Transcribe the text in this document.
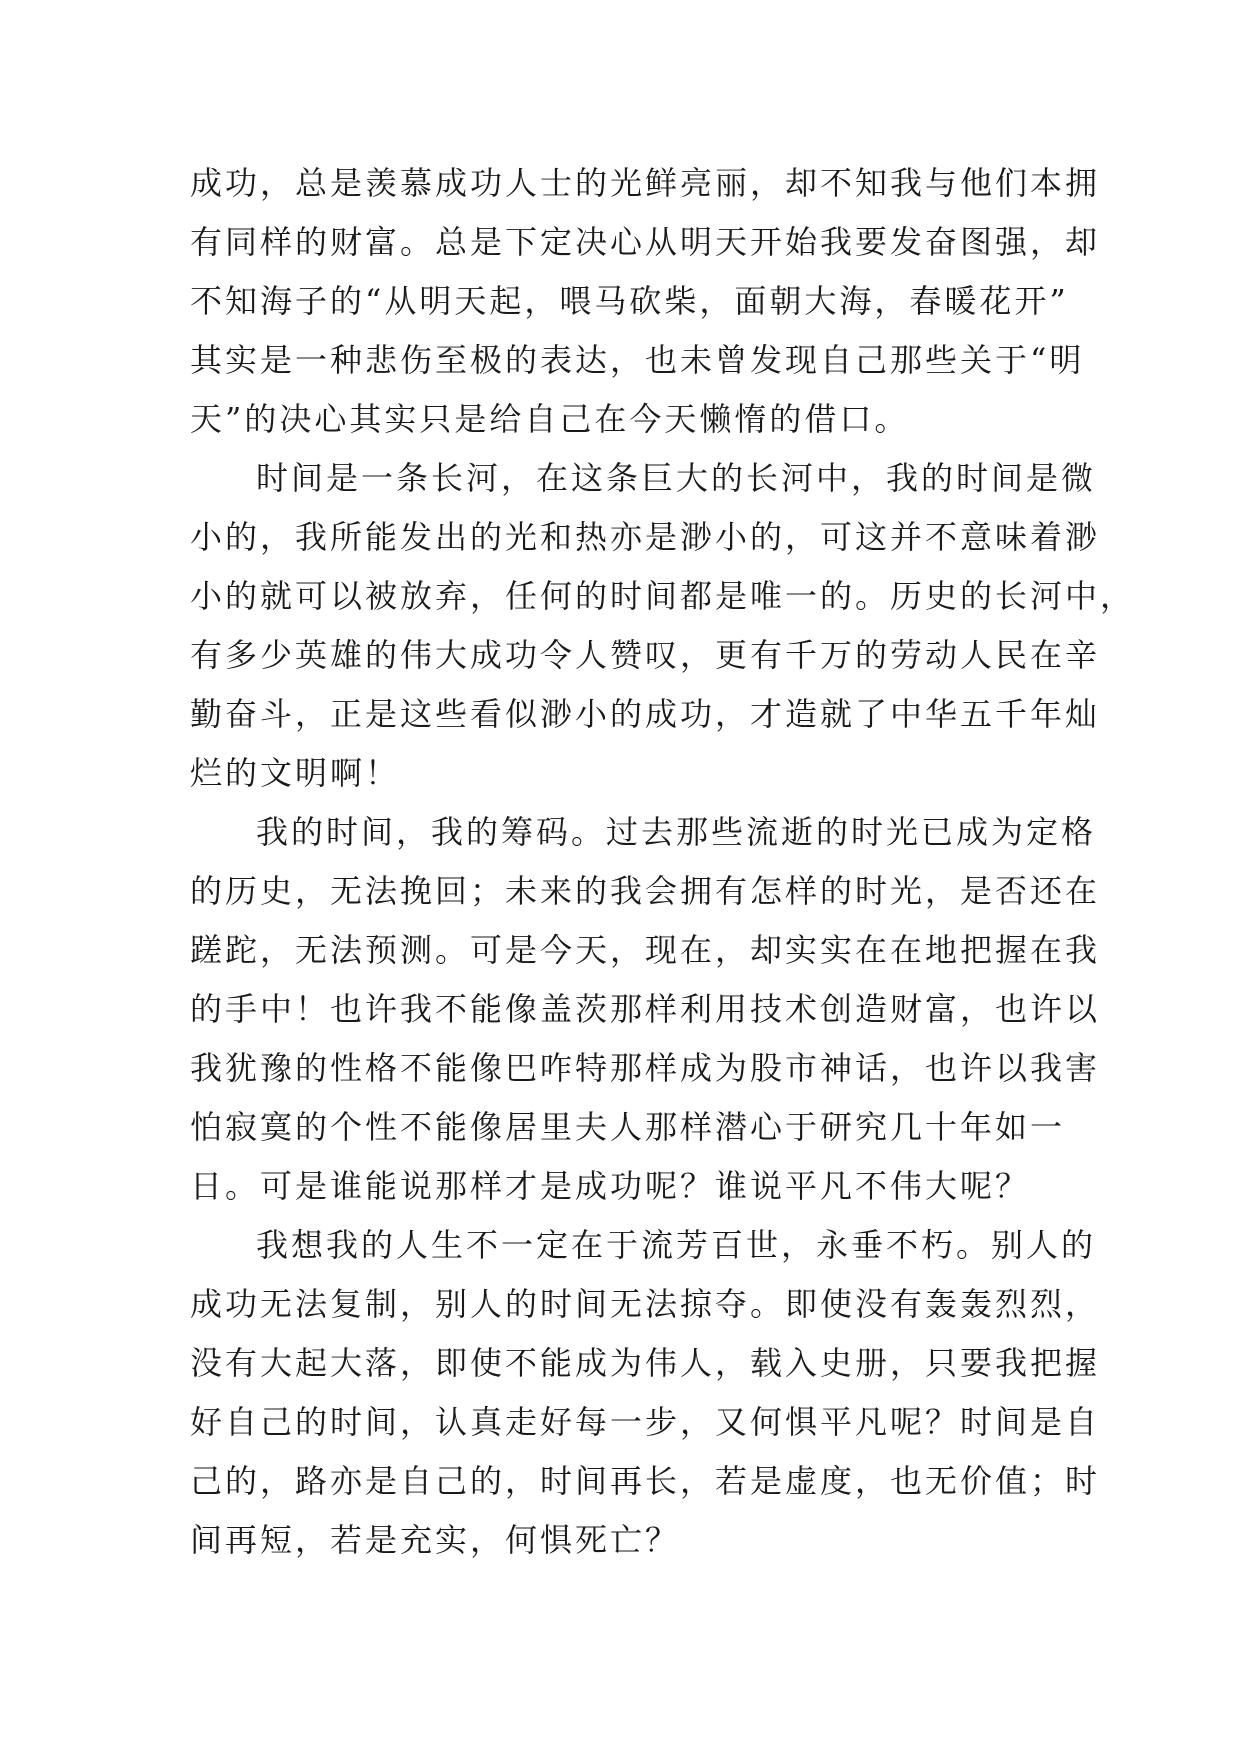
成功，总是羡慕成功人士的光鲜亮丽，却不知我与他们本拥
有同样的财富。总是下定决心从明天开始我要发奋图强，却
不知海子的“从明天起，喂马砍柴，面朝大海，春暖花开”
其实是一种悲伤至极的表达，也未曾发现自己那些关于“明
天”的决心其实只是给自己在今天懒惰的借口。
时间是一条长河，在这条巨大的长河中，我的时间是微
小的，我所能发出的光和热亦是渺小的，可这并不意味着渺
小的就可以被放弃，任何的时间都是唯一的。历史的长河中，
有多少英雄的伟大成功令人赞叹，更有千万的劳动人民在辛
勤奋斗，正是这些看似渺小的成功，才造就了中华五千年灿
烂的文明啊！
我的时间，我的筹码。过去那些流逝的时光已成为定格
的历史，无法挽回；未来的我会拥有怎样的时光，是否还在
蹉跎，无法预测。可是今天，现在，却实实在在地把握在我
的手中！也许我不能像盖茨那样利用技术创造财富，也许以
我犹豫的性格不能像巴咋特那样成为股市神话，也许以我害
怕寂寞的个性不能像居里夫人那样潜心于研究几十年如一
日。可是谁能说那样才是成功呢？谁说平凡不伟大呢？
我想我的人生不一定在于流芳百世，永垂不朽。别人的
成功无法复制，别人的时间无法掠夺。即使没有轰轰烈烈，
没有大起大落，即使不能成为伟人，载入史册，只要我把握
好自己的时间，认真走好每一步，又何惧平凡呢？时间是自
己的，路亦是自己的，时间再长，若是虚度，也无价值；时
间再短，若是充实，何惧死亡？
